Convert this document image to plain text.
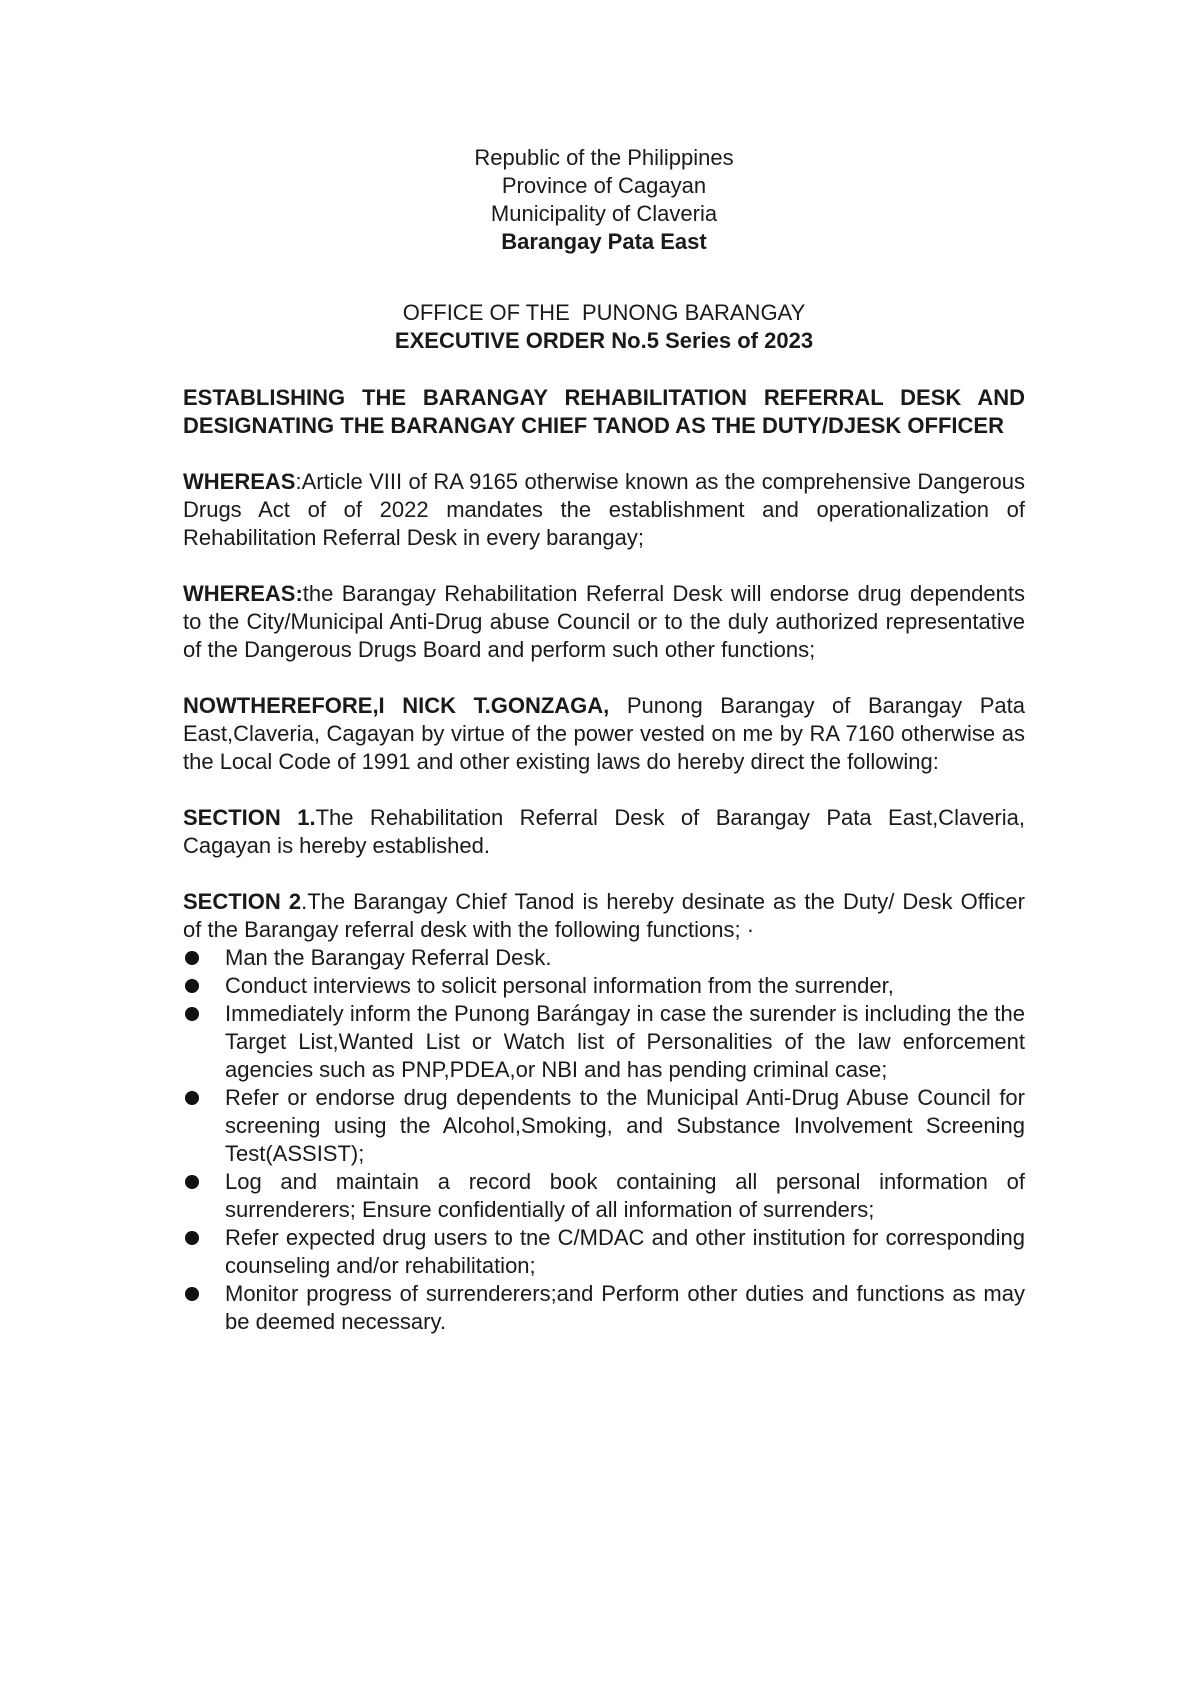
Republic of the Philippines
Province of Cagayan
Municipality of Claveria
Barangay Pata East
OFFICE OF THE  PUNONG BARANGAY
EXECUTIVE ORDER No.5 Series of 2023
ESTABLISHING THE BARANGAY REHABILITATION REFERRAL DESK AND DESIGNATING THE BARANGAY CHIEF TANOD AS THE DUTY/DJESK OFFICER
WHEREAS:Article VIII of RA 9165 otherwise known as the comprehensive Dangerous Drugs Act of of 2022 mandates the establishment and operationalization of Rehabilitation Referral Desk in every barangay;
WHEREAS:the Barangay Rehabilitation Referral Desk will endorse drug dependents to the City/Municipal Anti-Drug abuse Council or to the duly authorized representative of the Dangerous Drugs Board and perform such other functions;
NOWTHEREFORE,I NICK T.GONZAGA, Punong Barangay of Barangay Pata East,Claveria, Cagayan by virtue of the power vested on me by RA 7160 otherwise as the Local Code of 1991 and other existing laws do hereby direct the following:
SECTION 1.The Rehabilitation Referral Desk of Barangay Pata East,Claveria, Cagayan is hereby established.
SECTION 2.The Barangay Chief Tanod is hereby desinate as the Duty/ Desk Officer of the Barangay referral desk with the following functions; ·
Man the Barangay Referral Desk.
Conduct interviews to solicit personal information from the surrender,
Immediately inform the Punong Barángay in case the surender is including the the Target List,Wanted List or Watch list of Personalities of the law enforcement agencies such as PNP,PDEA,or NBI and has pending criminal case;
Refer or endorse drug dependents to the Municipal Anti-Drug Abuse Council for screening using the Alcohol,Smoking, and Substance Involvement Screening Test(ASSIST);
Log and maintain a record book containing all personal information of surrenderers; Ensure confidentially of all information of surrenders;
Refer expected drug users to tne C/MDAC and other institution for corresponding counseling and/or rehabilitation;
Monitor progress of surrenderers;and Perform other duties and functions as may be deemed necessary.
